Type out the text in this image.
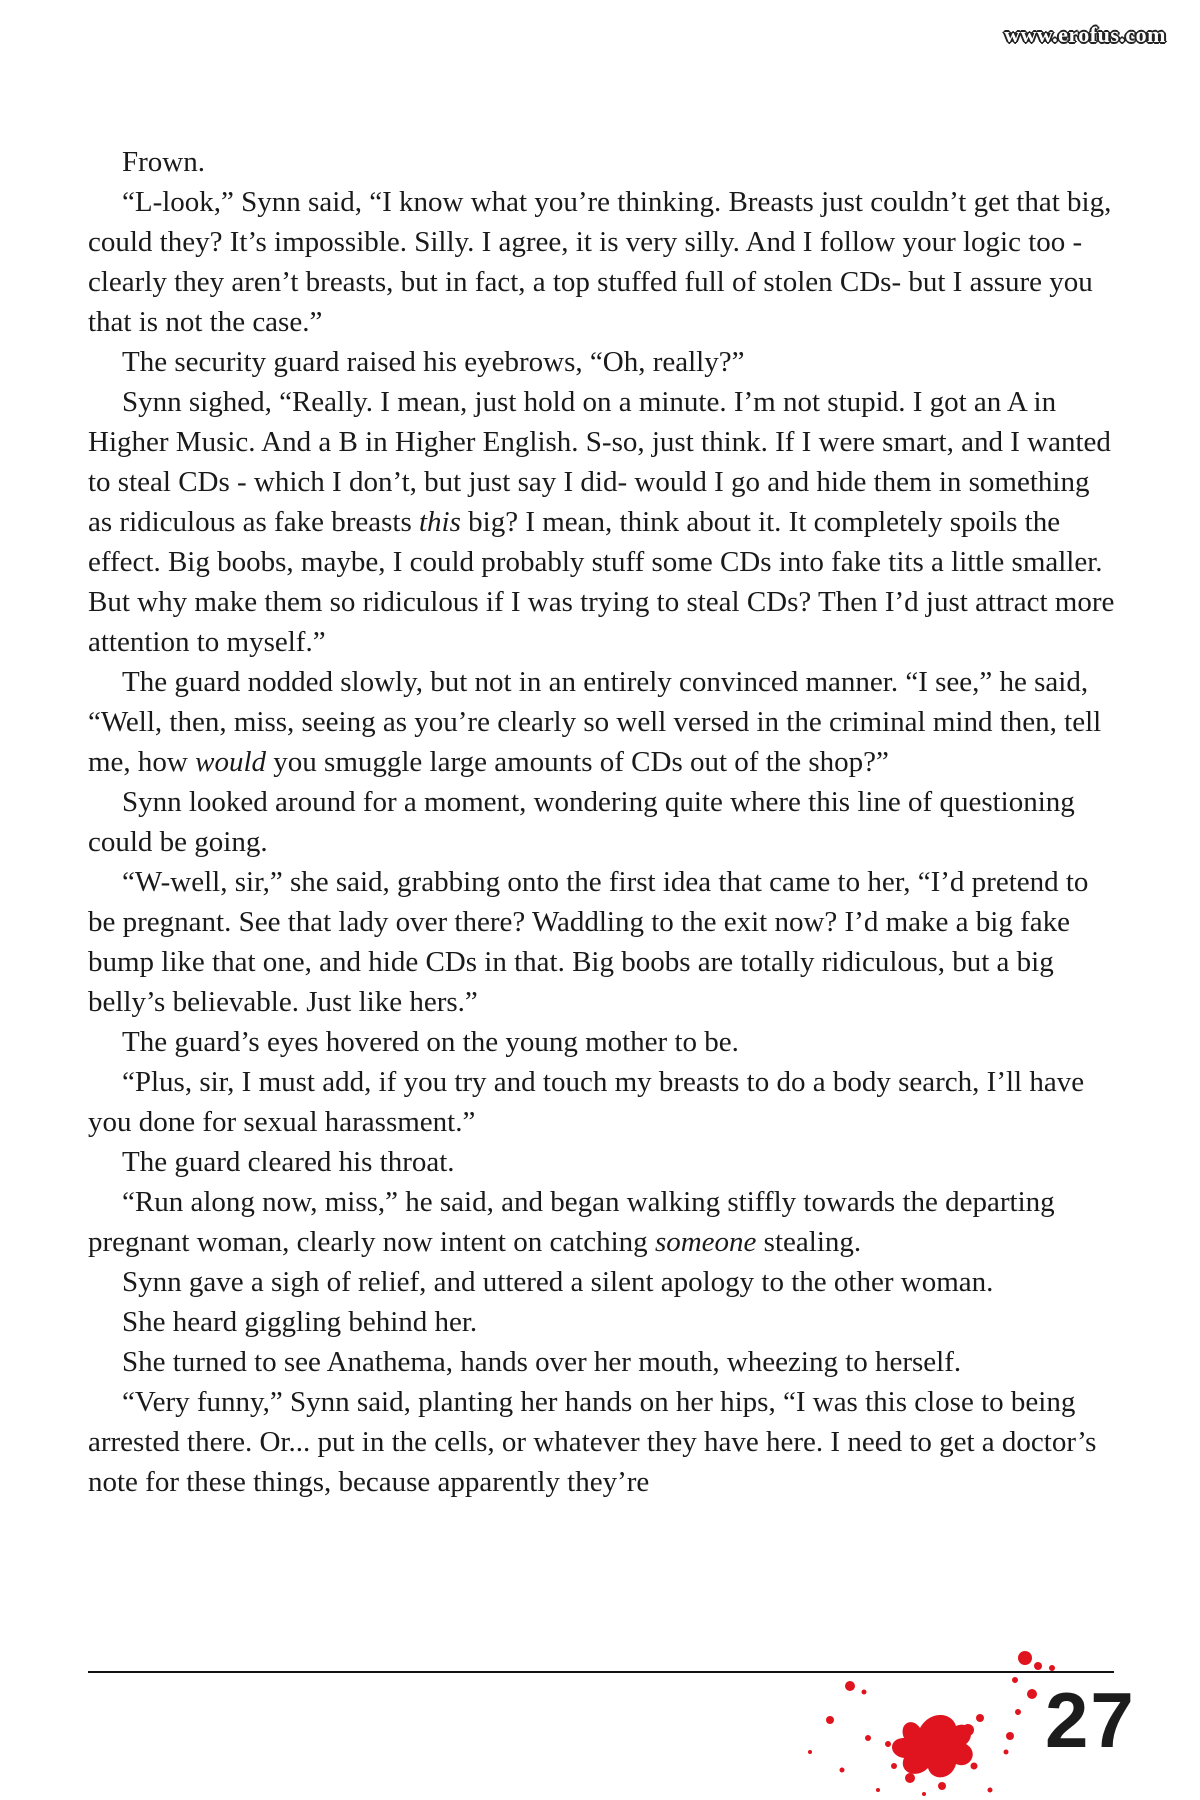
www.erofus.com

Frown.

“L-look,” Synn said, “I know what you’re thinking. Breasts just couldn’t get that big, could they? It’s impossible. Silly. I agree, it is very silly. And I follow your logic too - clearly they aren’t breasts, but in fact, a top stuffed full of stolen CDs- but I assure you that is not the case.”

The security guard raised his eyebrows, “Oh, really?”

Synn sighed, “Really. I mean, just hold on a minute. I’m not stupid. I got an A in Higher Music. And a B in Higher English. S-so, just think. If I were smart, and I wanted to steal CDs - which I don’t, but just say I did- would I go and hide them in something as ridiculous as fake breasts this big? I mean, think about it. It completely spoils the effect. Big boobs, maybe, I could probably stuff some CDs into fake tits a little smaller. But why make them so ridiculous if I was trying to steal CDs? Then I’d just attract more attention to myself.”

The guard nodded slowly, but not in an entirely convinced manner. “I see,” he said, “Well, then, miss, seeing as you’re clearly so well versed in the criminal mind then, tell me, how would you smuggle large amounts of CDs out of the shop?”

Synn looked around for a moment, wondering quite where this line of questioning could be going.

“W-well, sir,” she said, grabbing onto the first idea that came to her, “I’d pretend to be pregnant. See that lady over there? Waddling to the exit now? I’d make a big fake bump like that one, and hide CDs in that. Big boobs are totally ridiculous, but a big belly’s believable. Just like hers.”

The guard’s eyes hovered on the young mother to be.

“Plus, sir, I must add, if you try and touch my breasts to do a body search, I’ll have you done for sexual harassment.”

The guard cleared his throat.

“Run along now, miss,” he said, and began walking stiffly towards the departing pregnant woman, clearly now intent on catching someone stealing.

Synn gave a sigh of relief, and uttered a silent apology to the other woman.

She heard giggling behind her.

She turned to see Anathema, hands over her mouth, wheezing to herself.

“Very funny,” Synn said, planting her hands on her hips, “I was this close to being arrested there. Or... put in the cells, or whatever they have here. I need to get a doctor’s note for these things, because apparently they’re

27
